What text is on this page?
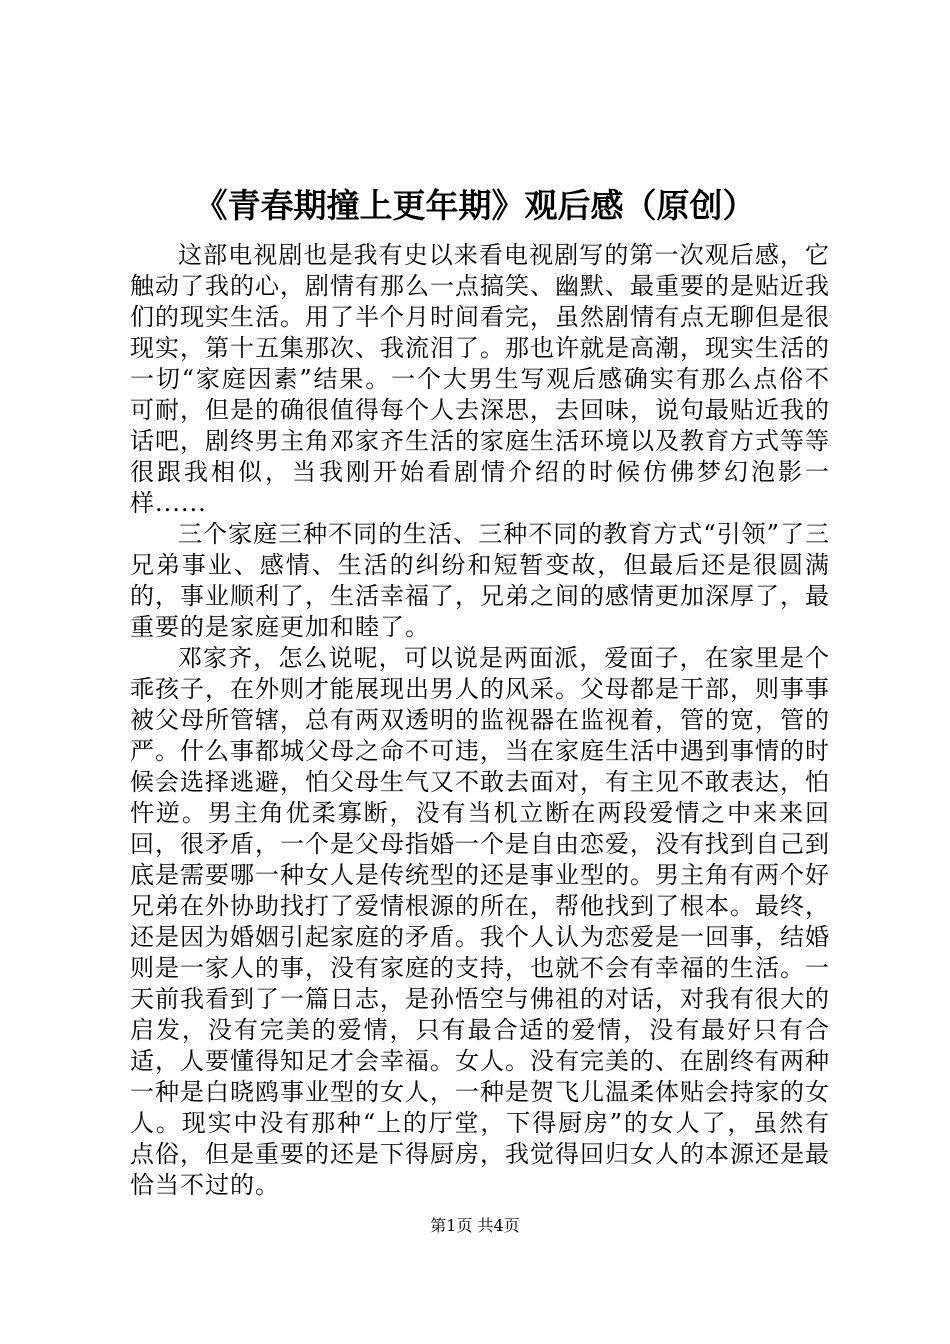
《青春期撞上更年期》观后感（原创）

这部电视剧也是我有史以来看电视剧写的第一次观后感，它触动了我的心，剧情有那么一点搞笑、幽默、最重要的是贴近我们的现实生活。用了半个月时间看完，虽然剧情有点无聊但是很现实，第十五集那次、我流泪了。那也许就是高潮，现实生活的一切“家庭因素”结果。一个大男生写观后感确实有那么点俗不可耐，但是的确很值得每个人去深思，去回味，说句最贴近我的话吧，剧终男主角邓家齐生活的家庭生活环境以及教育方式等等很跟我相似，当我刚开始看剧情介绍的时候仿佛梦幻泡影一样......

三个家庭三种不同的生活、三种不同的教育方式“引领”了三兄弟事业、感情、生活的纠纷和短暂变故，但最后还是很圆满的，事业顺利了，生活幸福了，兄弟之间的感情更加深厚了，最重要的是家庭更加和睦了。

邓家齐，怎么说呢，可以说是两面派，爱面子，在家里是个乖孩子，在外则才能展现出男人的风采。父母都是干部，则事事被父母所管辖，总有两双透明的监视器在监视着，管的宽，管的严。什么事都城父母之命不可违，当在家庭生活中遇到事情的时候会选择逃避，怕父母生气又不敢去面对，有主见不敢表达，怕忤逆。男主角优柔寡断，没有当机立断在两段爱情之中来来回回，很矛盾，一个是父母指婚一个是自由恋爱，没有找到自己到底是需要哪一种女人是传统型的还是事业型的。男主角有两个好兄弟在外协助找打了爱情根源的所在，帮他找到了根本。最终，还是因为婚姻引起家庭的矛盾。我个人认为恋爱是一回事，结婚则是一家人的事，没有家庭的支持，也就不会有幸福的生活。一天前我看到了一篇日志，是孙悟空与佛祖的对话，对我有很大的启发，没有完美的爱情，只有最合适的爱情，没有最好只有合适，人要懂得知足才会幸福。女人。没有完美的、在剧终有两种一种是白晓鸥事业型的女人，一种是贺飞儿温柔体贴会持家的女人。现实中没有那种“上的厅堂，下得厨房”的女人了，虽然有点俗，但是重要的还是下得厨房，我觉得回归女人的本源还是最恰当不过的。

第1页 共4页
